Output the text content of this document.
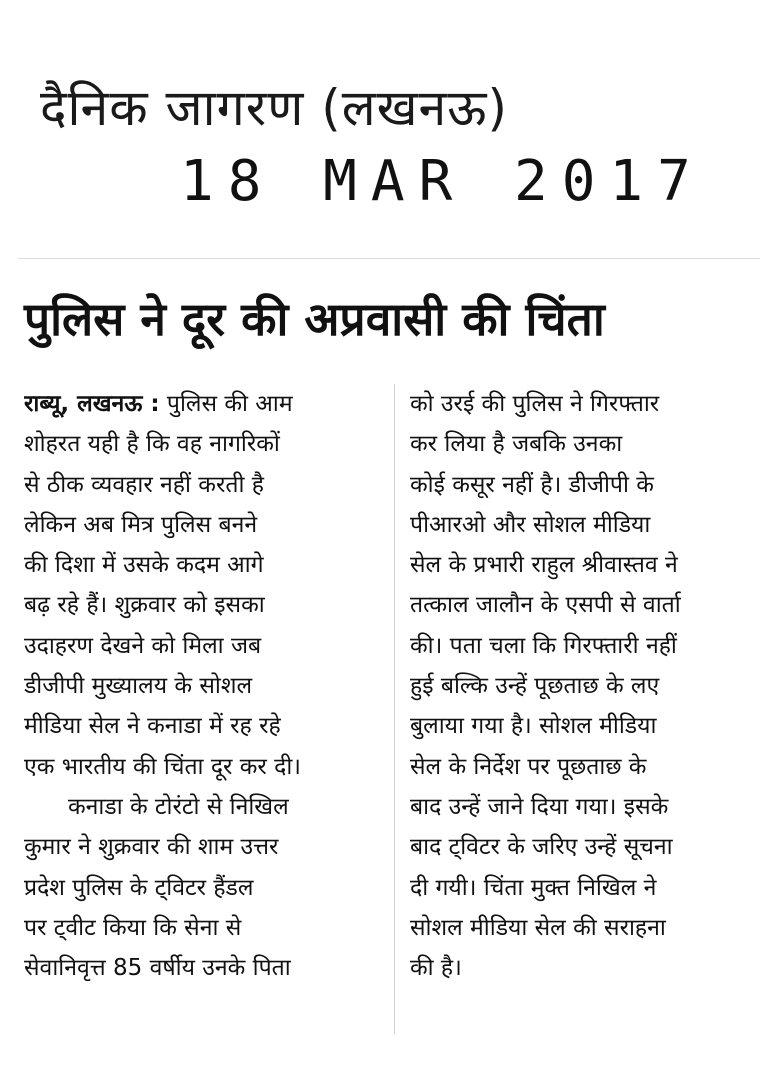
दैनिक जागरण (लखनऊ)
18 MAR 2017
पुलिस ने दूर की अप्रवासी की चिंता
राब्यू, लखनऊ : पुलिस की आम
शोहरत यही है कि वह नागरिकों
से ठीक व्यवहार नहीं करती है
लेकिन अब मित्र पुलिस बनने
की दिशा में उसके कदम आगे
बढ़ रहे हैं। शुक्रवार को इसका
उदाहरण देखने को मिला जब
डीजीपी मुख्यालय के सोशल
मीडिया सेल ने कनाडा में रह रहे
एक भारतीय की चिंता दूर कर दी।
कनाडा के टोरंटो से निखिल
कुमार ने शुक्रवार की शाम उत्तर
प्रदेश पुलिस के ट्विटर हैंडल
पर ट्वीट किया कि सेना से
सेवानिवृत्त 85 वर्षीय उनके पिता
को उरई की पुलिस ने गिरफ्तार
कर लिया है जबकि उनका
कोई कसूर नहीं है। डीजीपी के
पीआरओ और सोशल मीडिया
सेल के प्रभारी राहुल श्रीवास्तव ने
तत्काल जालौन के एसपी से वार्ता
की। पता चला कि गिरफ्तारी नहीं
हुई बल्कि उन्हें पूछताछ के लए
बुलाया गया है। सोशल मीडिया
सेल के निर्देश पर पूछताछ के
बाद उन्हें जाने दिया गया। इसके
बाद ट्विटर के जरिए उन्हें सूचना
दी गयी। चिंता मुक्त निखिल ने
सोशल मीडिया सेल की सराहना
की है।
